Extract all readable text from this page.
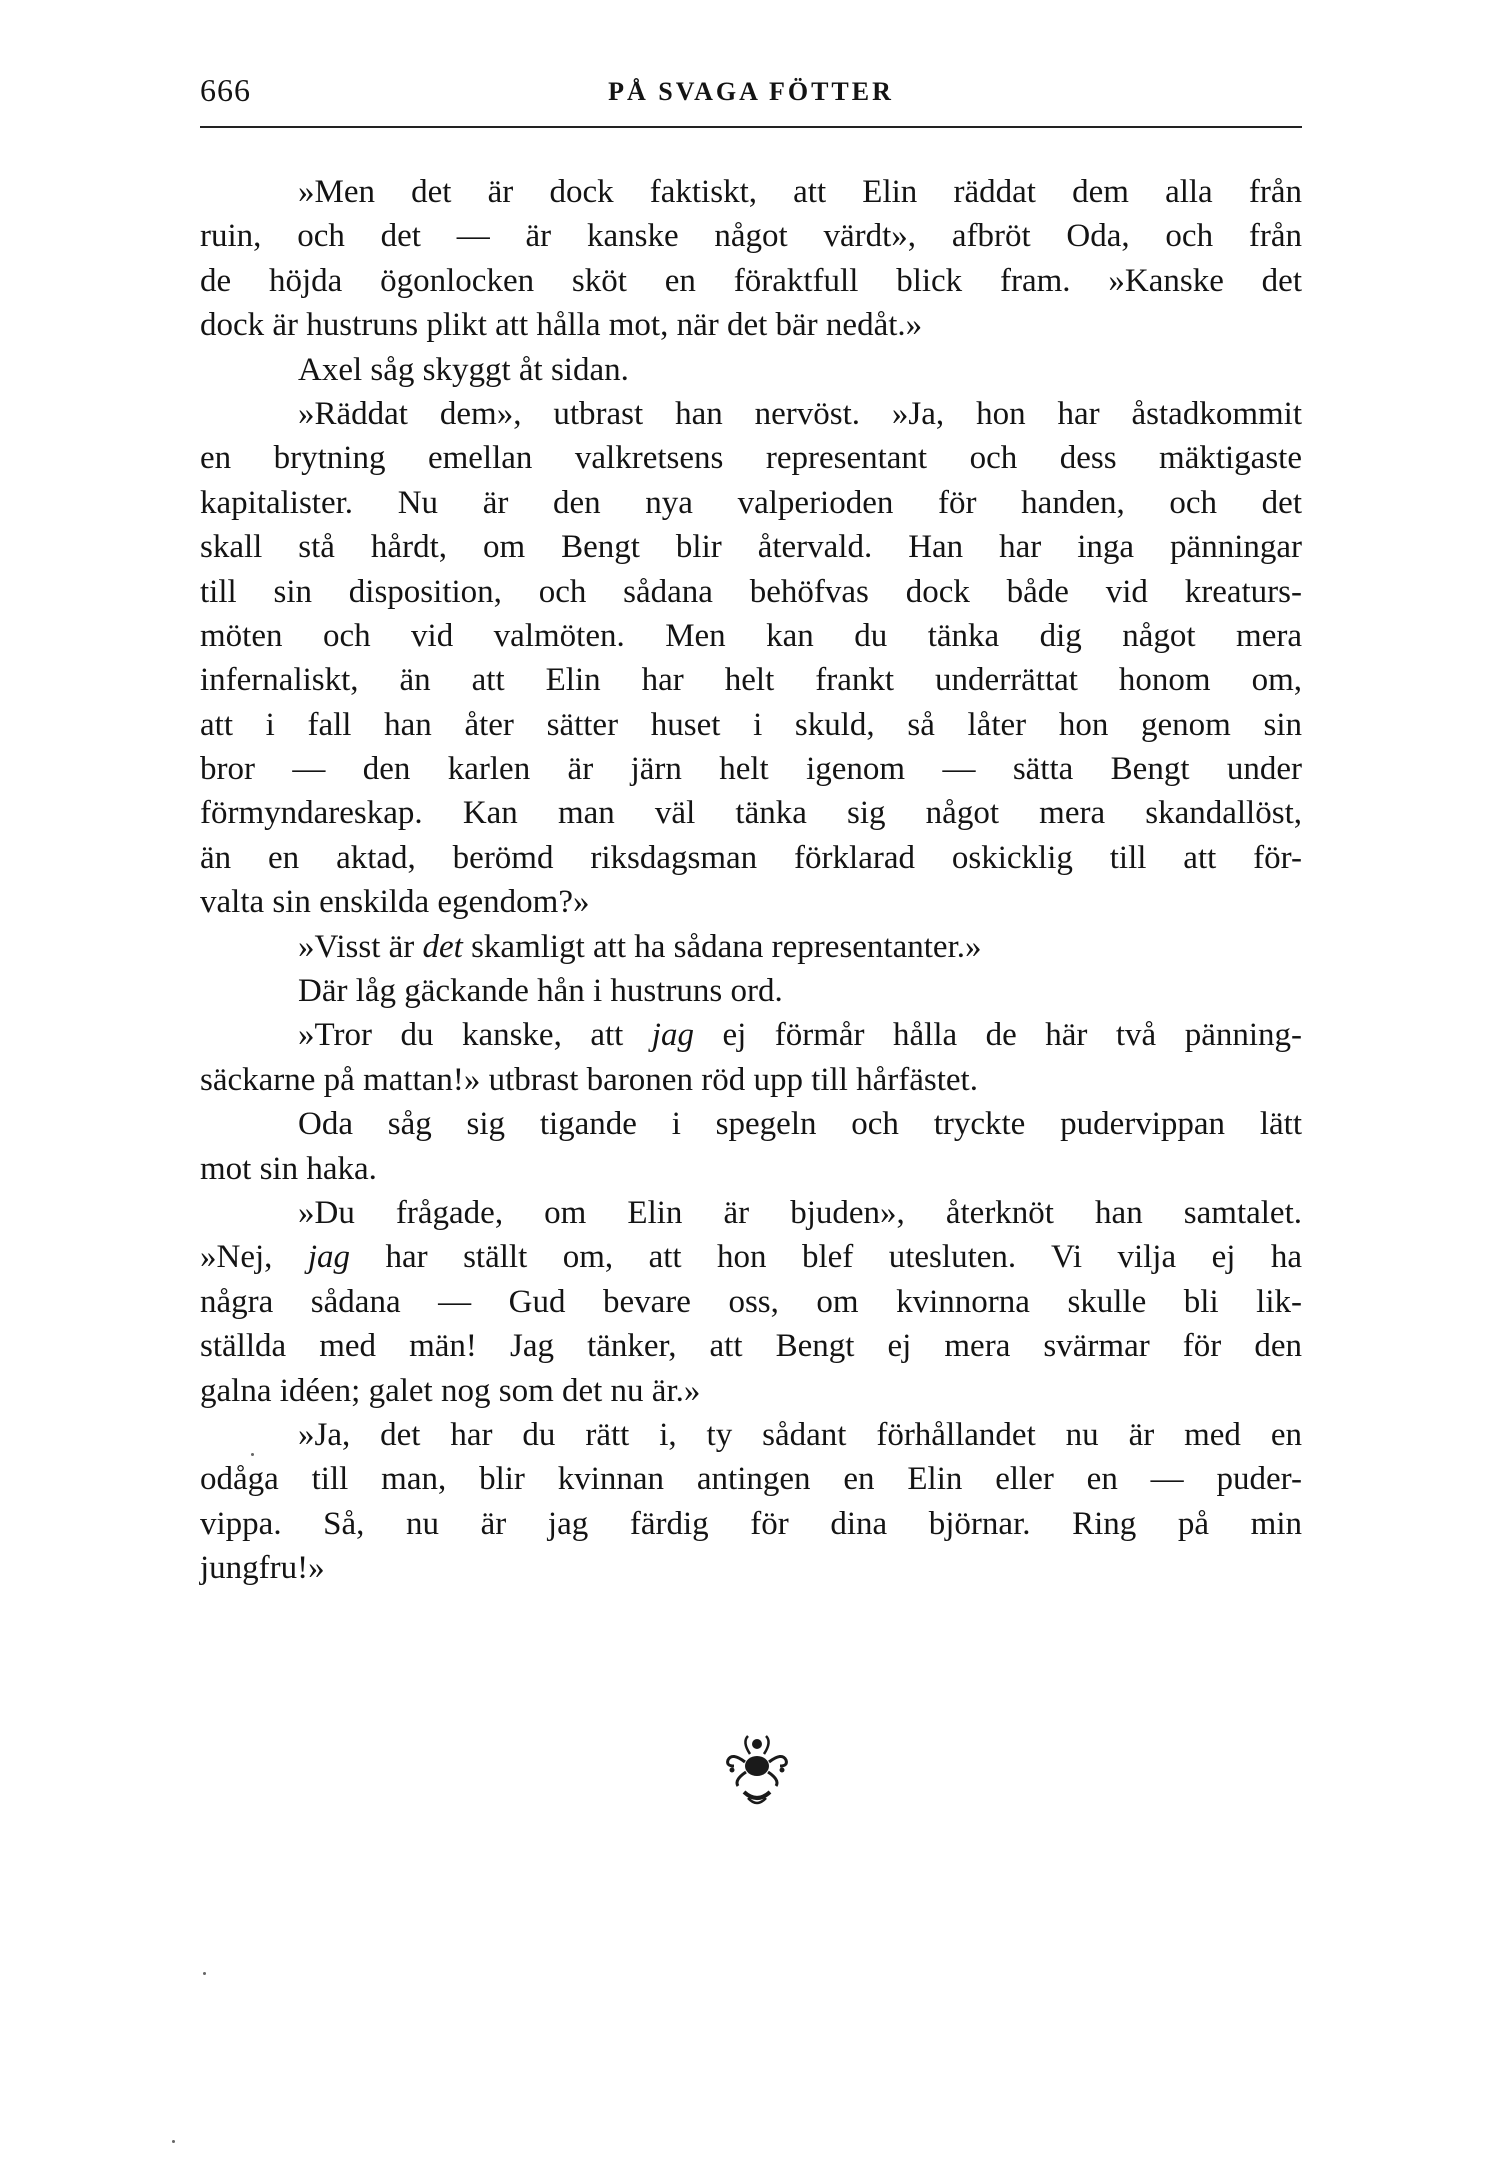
666	PÅ SVAGA FÖTTER
»Men det är dock faktiskt, att Elin räddat dem alla från
ruin, och det — är kanske något värdt», afbröt Oda, och från
de höjda ögonlocken sköt en föraktfull blick fram. »Kanske det
dock är hustruns plikt att hålla mot, när det bär nedåt.»
Axel såg skyggt åt sidan.
»Räddat dem», utbrast han nervöst. »Ja, hon har åstadkommit
en brytning emellan valkretsens representant och dess mäktigaste
kapitalister. Nu är den nya valperioden för handen, och det
skall stå hårdt, om Bengt blir återvald. Han har inga pänningar
till sin disposition, och sådana behöfvas dock både vid kreaturs-
möten och vid valmöten. Men kan du tänka dig något mera
infernaliskt, än att Elin har helt frankt underrättat honom om,
att i fall han åter sätter huset i skuld, så låter hon genom sin
bror — den karlen är järn helt igenom — sätta Bengt under
förmyndareskap. Kan man väl tänka sig något mera skandallöst,
än en aktad, berömd riksdagsman förklarad oskicklig till att för-
valta sin enskilda egendom?»
»Visst är det skamligt att ha sådana representanter.»
Där låg gäckande hån i hustruns ord.
»Tror du kanske, att jag ej förmår hålla de här två pänning-
säckarne på mattan!» utbrast baronen röd upp till hårfästet.
Oda såg sig tigande i spegeln och tryckte pudervippan lätt
mot sin haka.
»Du frågade, om Elin är bjuden», återknöt han samtalet.
»Nej, jag har ställt om, att hon blef utesluten. Vi vilja ej ha
några sådana — Gud bevare oss, om kvinnorna skulle bli lik-
ställda med män! Jag tänker, att Bengt ej mera svärmar för den
galna idéen; galet nog som det nu är.»
»Ja, det har du rätt i, ty sådant förhållandet nu är med en
odåga till man, blir kvinnan antingen en Elin eller en — puder-
vippa. Så, nu är jag färdig för dina björnar. Ring på min
jungfru!»
